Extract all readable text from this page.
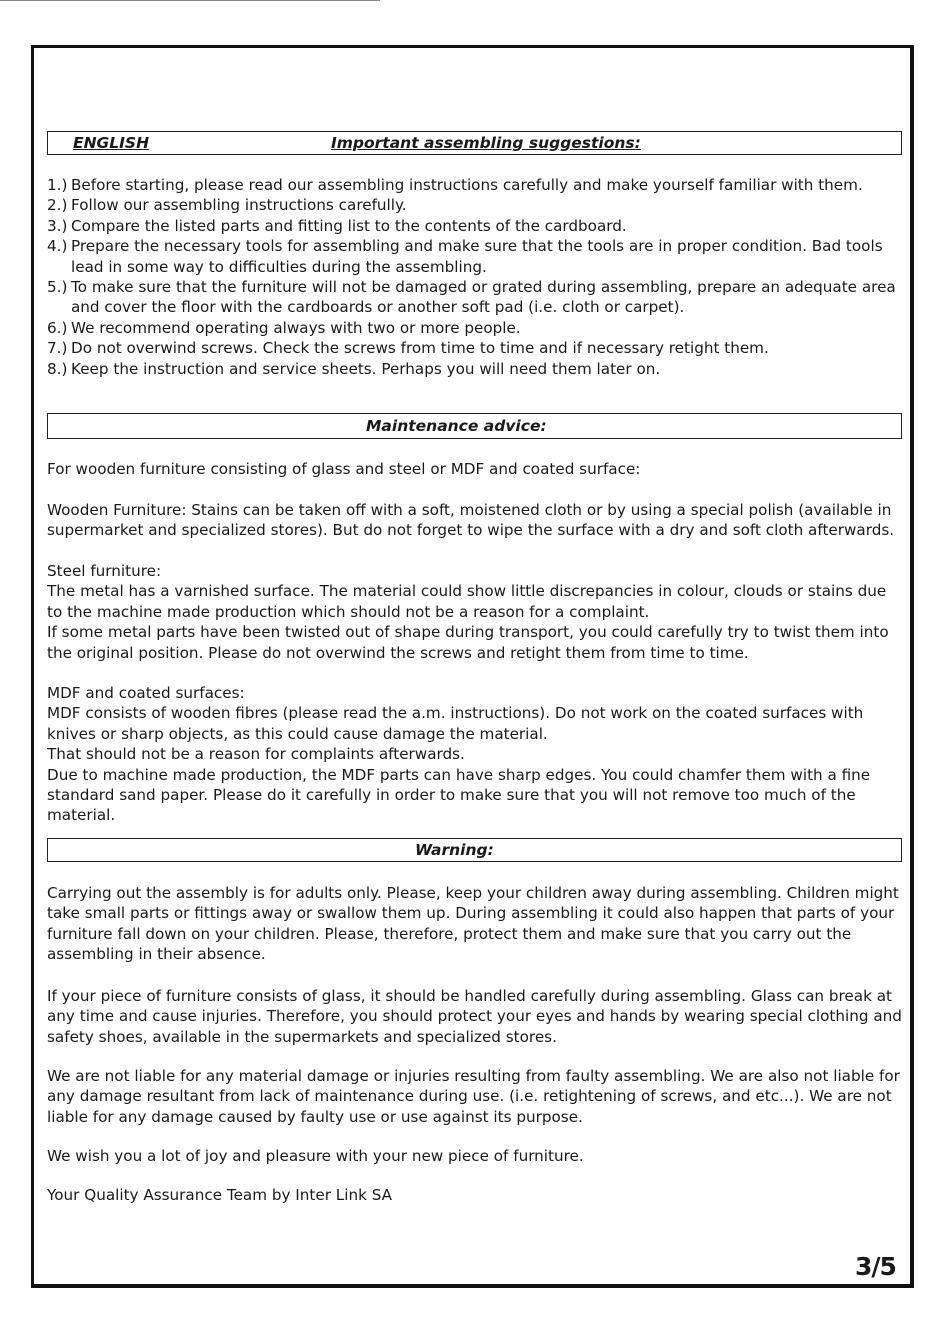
ENGLISH	Important assembling suggestions:
1.) Before starting, please read our assembling instructions carefully and make yourself familiar with them.
2.) Follow our assembling instructions carefully.
3.) Compare the listed parts and fitting list to the contents of the cardboard.
4.) Prepare the necessary tools for assembling and make sure that the tools are in proper condition. Bad tools lead in some way to difficulties during the assembling.
5.) To make sure that the furniture will not be damaged or grated during assembling, prepare an adequate area and cover the floor with the cardboards or another soft pad (i.e. cloth or carpet).
6.) We recommend operating always with two or more people.
7.) Do not overwind screws. Check the screws from time to time and if necessary retight them.
8.) Keep the instruction and service sheets. Perhaps you will need them later on.
Maintenance advice:

For wooden furniture consisting of glass and steel or MDF and coated surface:

Wooden Furniture: Stains can be taken off with a soft, moistened cloth or by using a special polish (available in supermarket and specialized stores). But do not forget to wipe the surface with a dry and soft cloth afterwards.

Steel furniture:

The metal has a varnished surface. The material could show little discrepancies in colour, clouds or stains due to the machine made production which should not be a reason for a complaint.

If some metal parts have been twisted out of shape during transport, you could carefully try to twist them into the original position. Please do not overwind the screws and retight them from time to time.

MDF and coated surfaces:

MDF consists of wooden fibres (please read the a.m. instructions). Do not work on the coated surfaces with knives or sharp objects, as this could cause damage the material.

That should not be a reason for complaints afterwards.

Due to machine made production, the MDF parts can have sharp edges. You could chamfer them with a fine standard sand paper. Please do it carefully in order to make sure that you will not remove too much of the material.

Warning:

Carrying out the assembly is for adults only. Please, keep your children away during assembling. Children might take small parts or fittings away or swallow them up. During assembling it could also happen that parts of your furniture fall down on your children. Please, therefore, protect them and make sure that you carry out the assembling in their absence.

If your piece of furniture consists of glass, it should be handled carefully during assembling. Glass can break at any time and cause injuries. Therefore, you should protect your eyes and hands by wearing special clothing and safety shoes, available in the supermarkets and specialized stores.

We are not liable for any material damage or injuries resulting from faulty assembling. We are also not liable for any damage resultant from lack of maintenance during use. (i.e. retightening of screws, and etc...). We are not liable for any damage caused by faulty use or use against its purpose.

We wish you a lot of joy and pleasure with your new piece of furniture.

Your Quality Assurance Team by Inter Link SA

3/5
